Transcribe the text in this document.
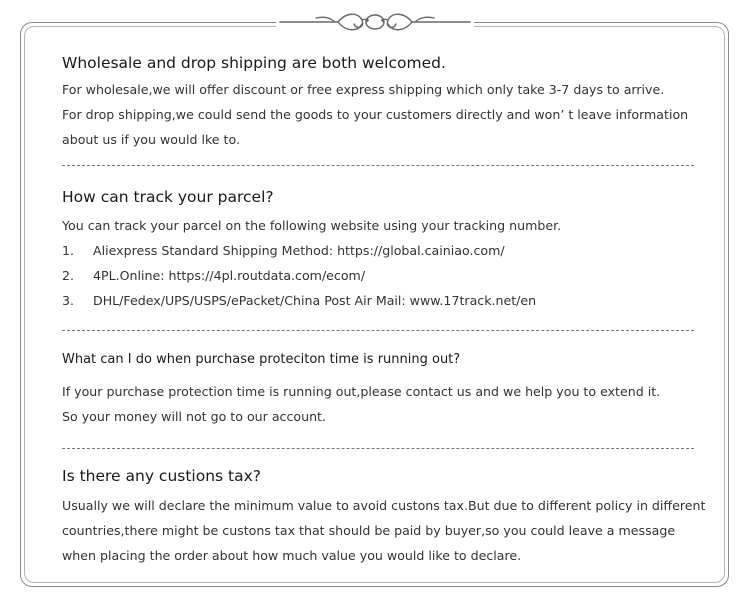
Wholesale and drop shipping are both welcomed.
For wholesale,we will offer discount or free express shipping which only take 3-7 days to arrive.
For drop shipping,we could send the goods to your customers directly and won’ t leave information
about us if you would lke to.
How can track your parcel?
You can track your parcel on the following website using your tracking number.
1. Aliexpress Standard Shipping Method: https://global.cainiao.com/
2. 4PL.Online: https://4pl.routdata.com/ecom/
3. DHL/Fedex/UPS/USPS/ePacket/China Post Air Mail: www.17track.net/en
What can I do when purchase proteciton time is running out?
If your purchase protection time is running out,please contact us and we help you to extend it.
So your money will not go to our account.
Is there any custions tax?
Usually we will declare the minimum value to avoid custons tax.But due to different policy in different
countries,there might be custons tax that should be paid by buyer,so you could leave a message
when placing the order about how much value you would like to declare.
